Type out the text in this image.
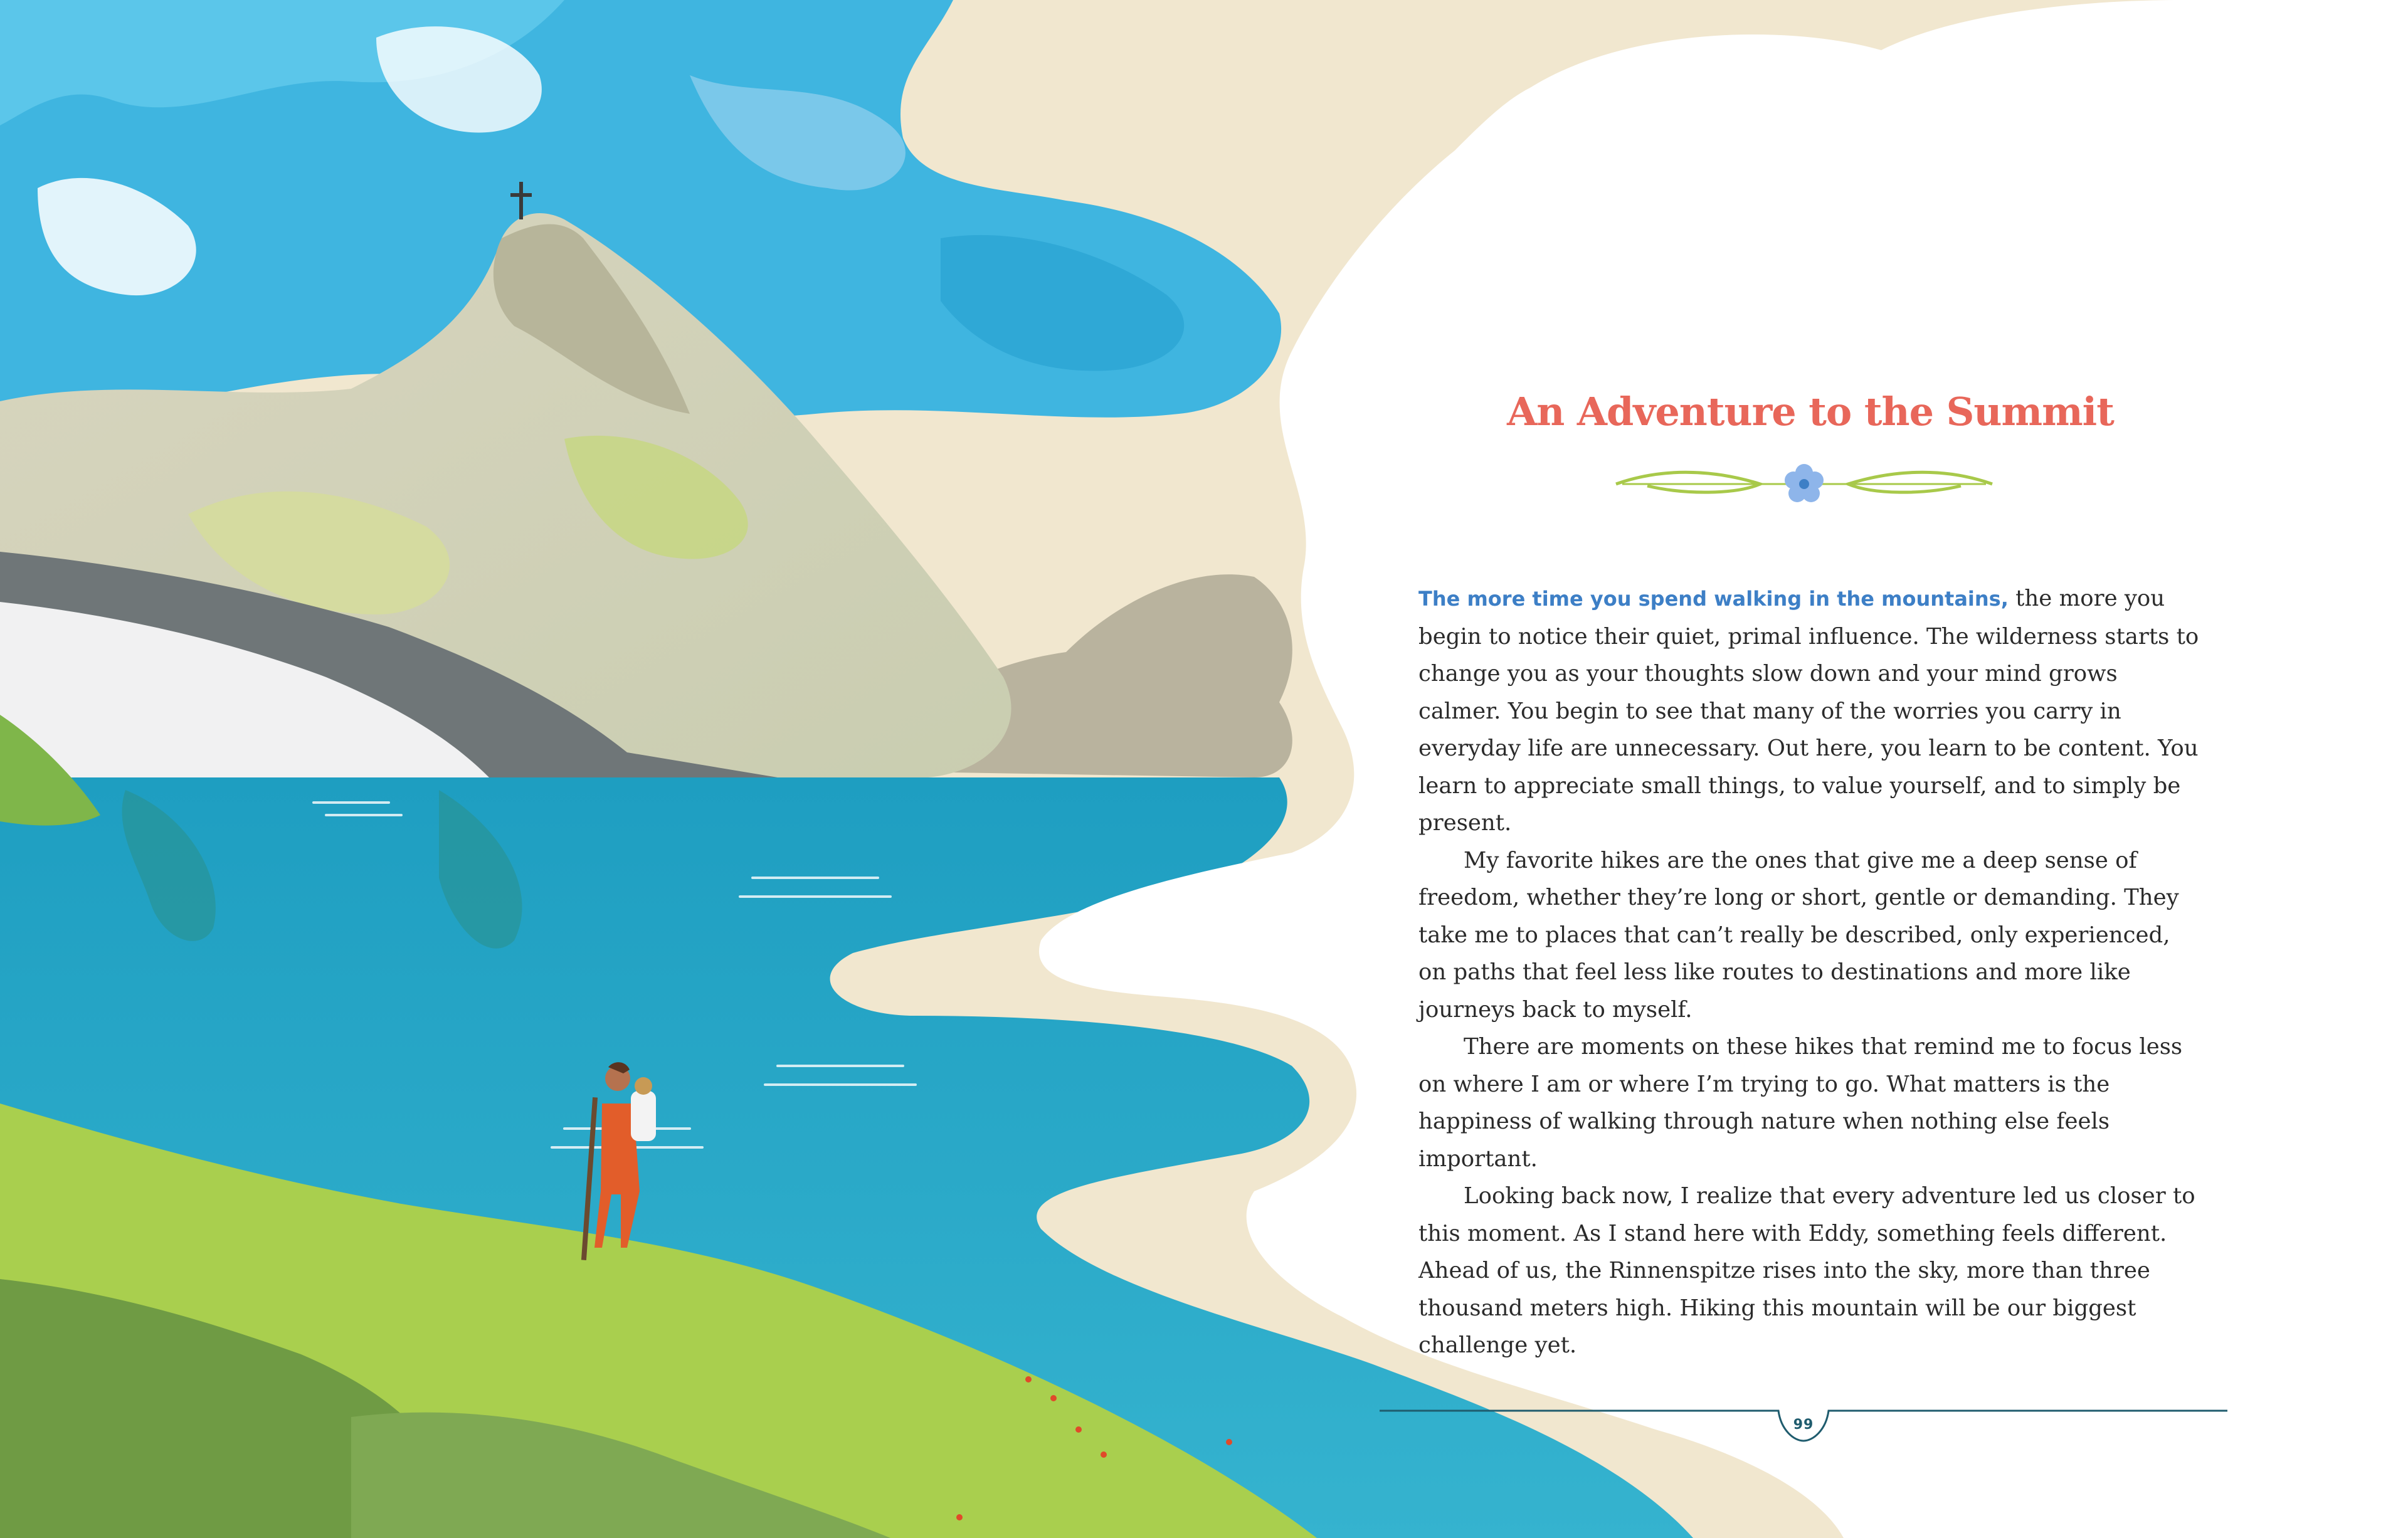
An Adventure to the Summit

The more time you spend walking in the mountains, the more you begin to notice their quiet, primal influence. The wilderness starts to change you as your thoughts slow down and your mind grows calmer. You begin to see that many of the worries you carry in everyday life are unnecessary. Out here, you learn to be content. You learn to appreciate small things, to value yourself, and to simply be present.

My favorite hikes are the ones that give me a deep sense of freedom, whether they’re long or short, gentle or demanding. They take me to places that can’t really be described, only experienced, on paths that feel less like routes to destinations and more like journeys back to myself.

There are moments on these hikes that remind me to focus less on where I am or where I’m trying to go. What matters is the happiness of walking through nature when nothing else feels important.

Looking back now, I realize that every adventure led us closer to this moment. As I stand here with Eddy, something feels different. Ahead of us, the Rinnenspitze rises into the sky, more than three thousand meters high. Hiking this mountain will be our biggest challenge yet.

99
